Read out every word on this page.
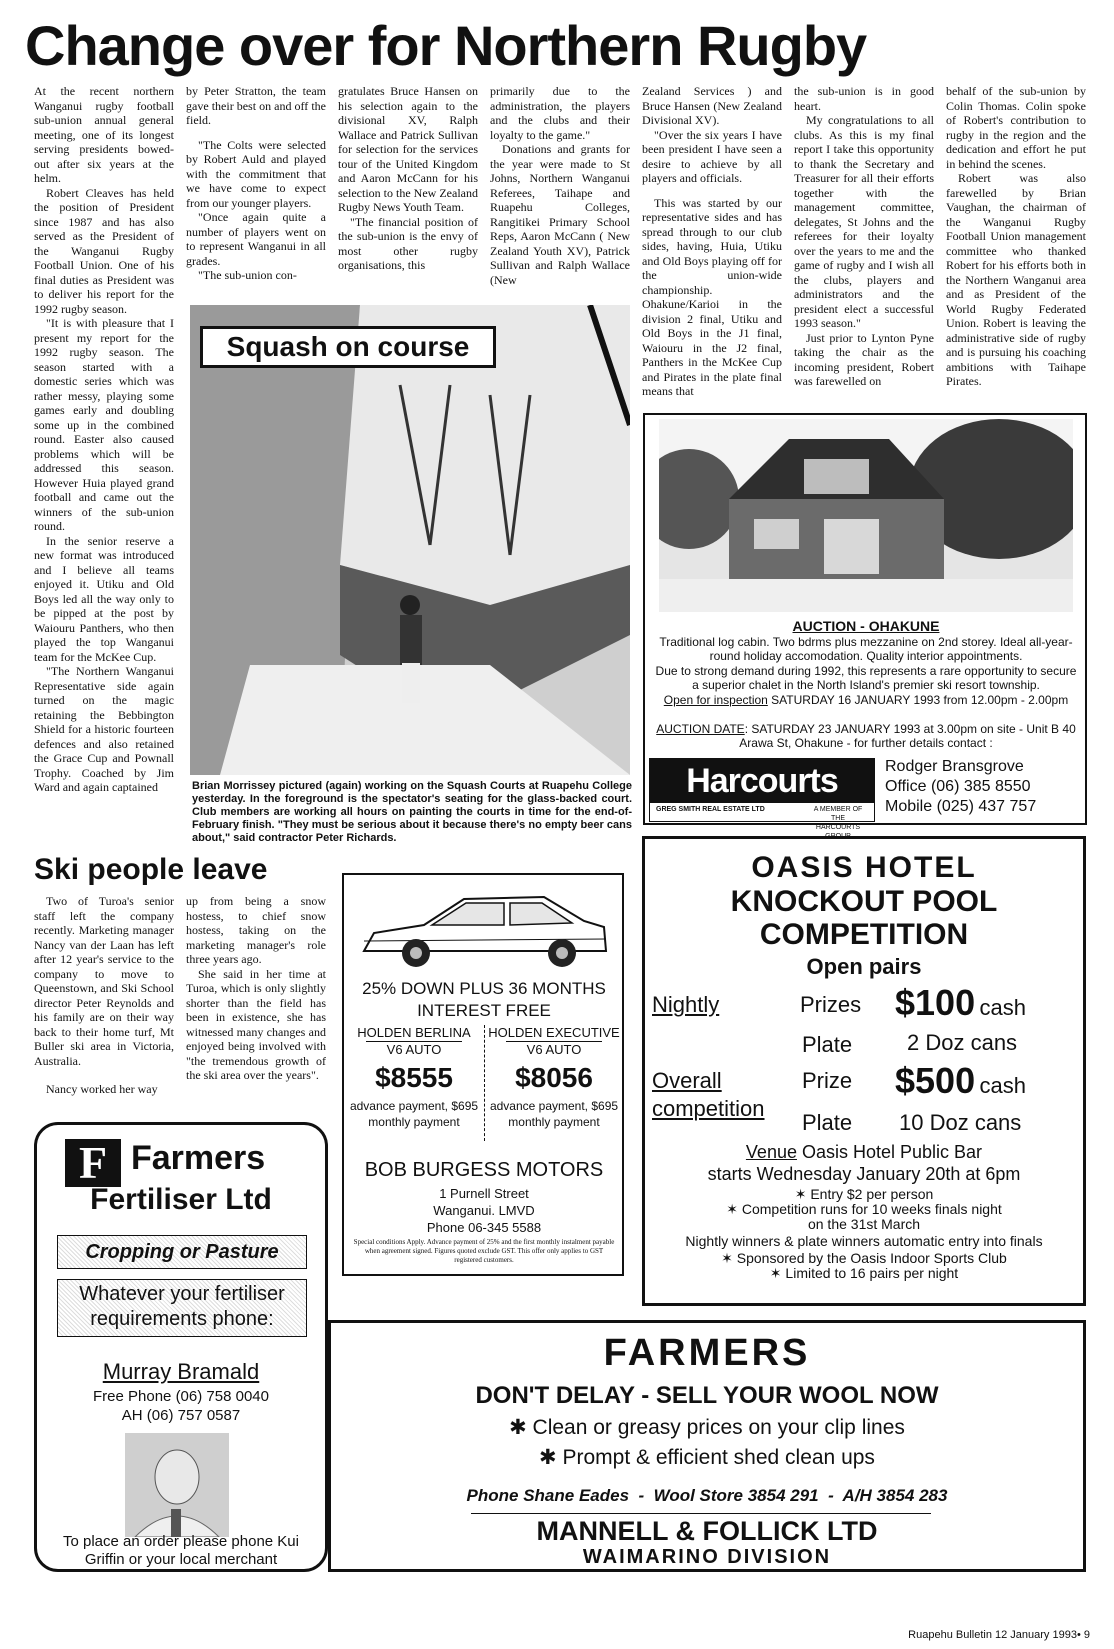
Change over for Northern Rugby

At the recent northern Wanganui rugby football sub-union annual general meeting, one of its longest serving presidents bowed-out after six years at the helm.

Robert Cleaves has held the position of President since 1987 and has also served as the President of the Wanganui Rugby Football Union. One of his final duties as President was to deliver his report for the 1992 rugby season.

"It is with pleasure that I present my report for the 1992 rugby season. The season started with a domestic series which was rather messy, playing some games early and doubling some up in the combined round. Easter also caused problems which will be addressed this season. However Huia played grand football and came out the winners of the sub-union round.

In the senior reserve a new format was introduced and I believe all teams enjoyed it. Utiku and Old Boys led all the way only to be pipped at the post by Waiouru Panthers, who then played the top Wanganui team for the McKee Cup.

"The Northern Wanganui Representative side again turned on the magic retaining the Bebbington Shield for a historic fourteen defences and also retained the Grace Cup and Pownall Trophy. Coached by Jim Ward and again captained

by Peter Stratton, the team gave their best on and off the field.

"The Colts were selected by Robert Auld and played with the commitment that we have come to expect from our younger players.

"Once again quite a number of players went on to represent Wanganui in all grades.

"The sub-union con-

gratulates Bruce Hansen on his selection again to the divisional XV, Ralph Wallace and Patrick Sullivan for selection for the services tour of the United Kingdom and Aaron McCann for his selection to the New Zealand Rugby News Youth Team.

"The financial position of the sub-union is the envy of most other rugby organisations, this

primarily due to the administration, the players and the clubs and their loyalty to the game."

Donations and grants for the year were made to St Johns, Northern Wanganui Referees, Taihape and Ruapehu Colleges, Rangitikei Primary School Reps, Aaron McCann ( New Zealand Youth XV), Patrick Sullivan and Ralph Wallace (New

Zealand Services ) and Bruce Hansen (New Zealand Divisional XV).

"Over the six years I have been president I have seen a desire to achieve by all players and officials.

This was started by our representative sides and has spread through to our club sides, having, Huia, Utiku and Old Boys playing off for the union-wide championship. Ohakune/Karioi in the division 2 final, Utiku and Old Boys in the J1 final, Waiouru in the J2 final, Panthers in the McKee Cup and Pirates in the plate final means that

the sub-union is in good heart.

My congratulations to all clubs. As this is my final report I take this opportunity to thank the Secretary and Treasurer for all their efforts together with the management committee, delegates, St Johns and the referees for their loyalty over the years to me and the game of rugby and I wish all the clubs, players and administrators and the president elect a successful 1993 season."

Just prior to Lynton Pyne taking the chair as the incoming president, Robert was farewelled on

behalf of the sub-union by Colin Thomas. Colin spoke of Robert's contribution to rugby in the region and the dedication and effort he put in behind the scenes.

Robert was also farewelled by Brian Vaughan, the chairman of the Wanganui Rugby Football Union management committee who thanked Robert for his efforts both in the Northern Wanganui area and as President of the World Rugby Federated Union. Robert is leaving the administrative side of rugby and is pursuing his coaching ambitions with Taihape Pirates.

Squash on course
Brian Morrissey pictured (again) working on the Squash Courts at Ruapehu College yesterday. In the foreground is the spectator's seating for the glass-backed court. Club members are working all hours on painting the courts in time for the end-of-February finish. "They must be serious about it because there's no empty beer cans about," said contractor Peter Richards.
AUCTION - OHAKUNE
Traditional log cabin. Two bdrms plus mezzanine on 2nd storey. Ideal all-year-round holiday accomodation. Quality interior appointments.
Due to strong demand during 1992, this represents a rare opportunity to secure a superior chalet in the North Island's premier ski resort township.
Open for inspection SATURDAY 16 JANUARY 1993 from 12.00pm - 2.00pm
AUCTION DATE: SATURDAY 23 JANUARY 1993 at 3.00pm on site - Unit B 40 Arawa St, Ohakune - for further details contact :
Harcourts
GREG SMITH REAL ESTATE LTD	A MEMBER OF THE HARCOURTS
Rodger Bransgrove
Office (06) 385 8550
Mobile (025) 437 757
Ski people leave

Two of Turoa's senior staff left the company recently. Marketing manager Nancy van der Laan has left after 12 year's service to the company to move to Queenstown, and Ski School director Peter Reynolds and his family are on their way back to their home turf, Mt Buller ski area in Victoria, Australia.

Nancy worked her way

up from being a snow hostess, to chief snow hostess, taking on the marketing manager's role three years ago.

She said in her time at Turoa, which is only slightly shorter than the field has been in existence, she has witnessed many changes and enjoyed being involved with "the tremendous growth of the ski area over the years".

25% DOWN PLUS 36 MONTHS INTEREST FREE
HOLDEN BERLINA
V6 AUTO
$8555
advance payment, $695 monthly payment
HOLDEN EXECUTIVE
V6 AUTO
$8056
advance payment, $695 monthly payment
BOB BURGESS MOTORS
1 Purnell Street
Wanganui. LMVD
Phone 06-345 5588
Special conditions Apply. Advance payment of 25% and the first monthly instalment payable when agreement signed. Figures quoted exclude GST. This offer only applies to GST registered customers.
OASIS HOTEL
KNOCKOUT POOL
COMPETITION
Open pairs
Nightly	Prizes $100 cash
Plate 2 Doz cans
Overall
competition
Prize $500 cash
Plate 10 Doz cans
Venue Oasis Hotel Public Bar
starts Wednesday January 20th at 6pm
✶ Entry $2 per person
✶ Competition runs for 10 weeks finals night on the 31st March
Nightly winners & plate winners automatic entry into finals
✶ Sponsored by the Oasis Indoor Sports Club
✶ Limited to 16 pairs per night
F Farmers
Fertiliser Ltd
Cropping or Pasture
Whatever your fertiliser requirements phone:
Murray Bramald
Free Phone (06) 758 0040
AH (06) 757 0587
To place an order please phone Kui Griffin or your local merchant
FARMERS
DON'T DELAY - SELL YOUR WOOL NOW
✱ Clean or greasy prices on your clip lines
✱ Prompt & efficient shed clean ups
Phone Shane Eades  -  Wool Store 3854 291  -  A/H 3854 283
MANNELL & FOLLICK LTD
WAIMARINO DIVISION
Ruapehu Bulletin 12 January 1993• 9
